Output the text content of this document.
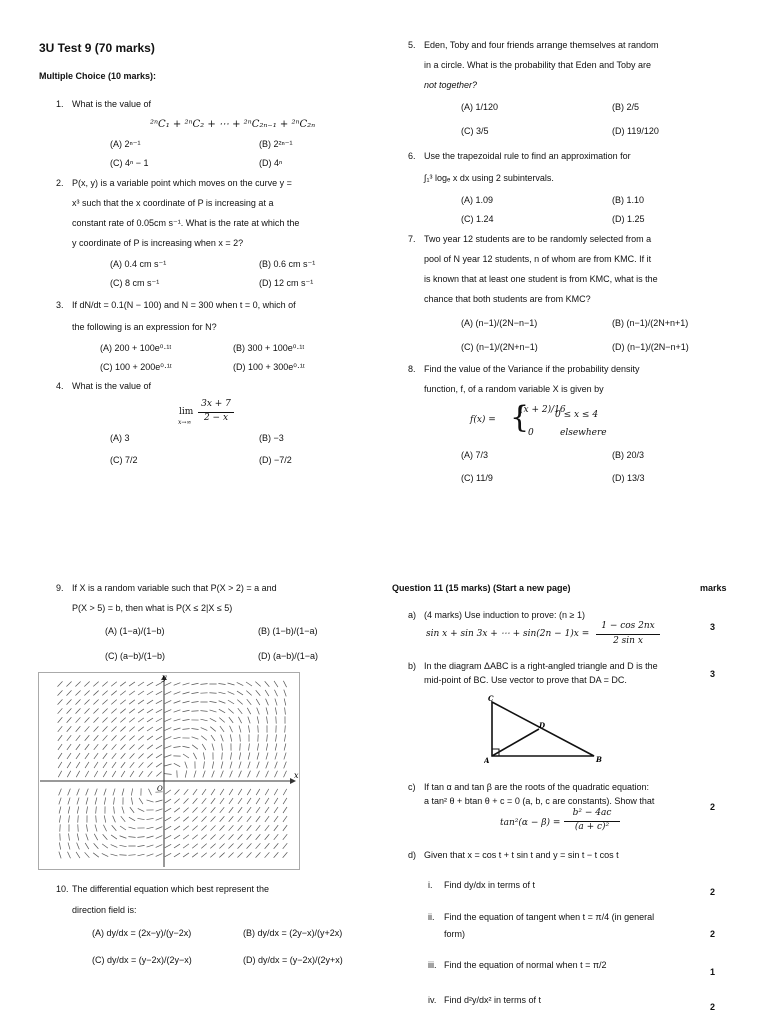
3U Test 9 (70 marks)
Multiple Choice (10 marks):
1. What is the value of
²ⁿC₁ + ²ⁿC₂ + ⋯ + ²ⁿC₂ₙ₋₁ + ²ⁿC₂ₙ
(A) 2ⁿ⁻¹	(B) 2²ⁿ⁻¹
(C) 4ⁿ − 1	(D) 4ⁿ
2. P(x, y) is a variable point which moves on the curve y =
x³ such that the x coordinate of P is increasing at a
constant rate of 0.05cm s⁻¹. What is the rate at which the
y coordinate of P is increasing when x = 2?
(A) 0.4 cm s⁻¹	(B) 0.6 cm s⁻¹
(C) 8 cm s⁻¹	(D) 12 cm s⁻¹
3. If dN/dt = 0.1(N − 100) and N = 300 when t = 0, which of
the following is an expression for N?
(A) 200 + 100e⁰·¹ᵗ	(B) 300 + 100e⁰·¹ᵗ
(C) 100 + 200e⁰·¹ᵗ	(D) 100 + 300e⁰·¹ᵗ
4. What is the value of
lim
x→∞
3x + 7
2 − x
(A) 3	(B) −3
(C) 7/2	(D) −7/2
5. Eden, Toby and four friends arrange themselves at random
in a circle. What is the probability that Eden and Toby are
not together?
(A) 1/120	(B) 2/5
(C) 3/5	(D) 119/120
6. Use the trapezoidal rule to find an approximation for
∫₁³ logₑ x dx using 2 subintervals.
(A) 1.09	(B) 1.10
(C) 1.24	(D) 1.25
7. Two year 12 students are to be randomly selected from a
pool of N year 12 students, n of whom are from KMC. If it
is known that at least one student is from KMC, what is the
chance that both students are from KMC?
(A) (n−1)/(2N−n−1)	(B) (n−1)/(2N+n+1)
(C) (n−1)/(2N+n−1)	(D) (n−1)/(2N−n+1)
8. Find the value of the Variance if the probability density
function, f, of a random variable X is given by
f(x) = {
(x + 2)/16
0 ≤ x ≤ 4
0	elsewhere
(A) 7/3	(B) 20/3
(C) 11/9	(D) 13/3
9. If X is a random variable such that P(X > 2) = a and
P(X > 5) = b, then what is P(X ≤ 2|X ≤ 5)
(A) (1−a)/(1−b)	(B) (1−b)/(1−a)
(C) (a−b)/(1−b)	(D) (a−b)/(1−a)
x
y
O
10. The differential equation which best represent the
direction field is:
(A) dy/dx = (2x−y)/(y−2x)	(B) dy/dx = (2y−x)/(y+2x)
(C) dy/dx = (y−2x)/(2y−x)	(D) dy/dx = (y−2x)/(2y+x)
Question 11 (15 marks) (Start a new page)	marks
a) (4 marks) Use induction to prove: (n ≥ 1)
sin x + sin 3x + ⋯ + sin(2n − 1)x =
1 − cos 2nx
2 sin x
3
b) In the diagram ΔABC is a right-angled triangle and D is the
mid-point of BC. Use vector to prove that DA = DC.
3
C
A	B
D
c) If tan α and tan β are the roots of the quadratic equation:
a tan² θ + btan θ + c = 0 (a, b, c are constants). Show that
2
tan²(α − β) =
b² − 4ac
(a + c)²
d) Given that x = cos t + t sin t and y = sin t − t cos t
i. Find dy/dx in terms of t
2
ii. Find the equation of tangent when t = π/4 (in general
form)	2
iii. Find the equation of normal when t = π/2
1
iv. Find d²y/dx² in terms of t
2
